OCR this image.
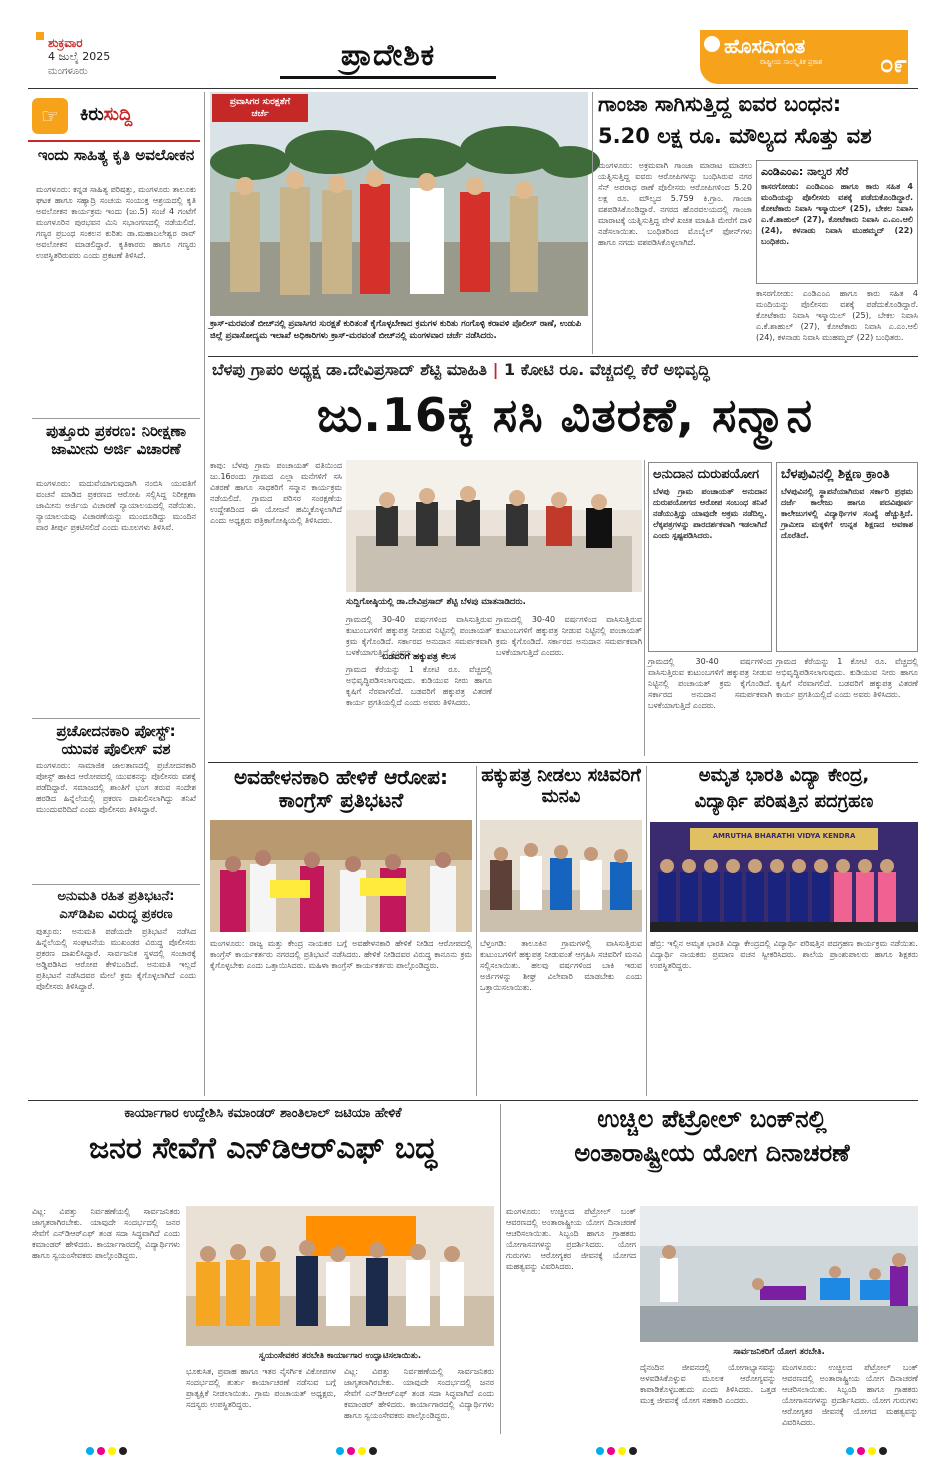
ಶುಕ್ರವಾರ
4 ಜುಲೈ 2025
ಮಂಗಳೂರು	ಪ್ರಾದೇಶಿಕ	ಹೊಸದಿಗಂತ
ರಾಷ್ಟ್ರೀಯ ಸಾಂಸ್ಕೃತಿಕ ಪ್ರಕಾಶ ೦೯
☞	ಕಿರುಸುದ್ದಿ
ಇಂದು ಸಾಹಿತ್ಯ ಕೃತಿ ಅವಲೋಕನ
ಮಂಗಳೂರು: ಕನ್ನಡ ಸಾಹಿತ್ಯ ಪರಿಷತ್ತು, ಮಂಗಳೂರು ತಾಲೂಕು ಘಟಕ ಹಾಗೂ ಸಹ್ಯಾದ್ರಿ ಸಂಚಯ ಸಂಯುಕ್ತ ಆಶ್ರಯದಲ್ಲಿ ಕೃತಿ ಅವಲೋಕನ ಕಾರ್ಯಕ್ರಮ ಇಂದು (ಜು.5) ಸಂಜೆ 4 ಗಂಟೆಗೆ ಮಂಗಳೂರಿನ ಪುರಭವನ ಮಿನಿ ಸಭಾಂಗಣದಲ್ಲಿ ನಡೆಯಲಿದೆ. ಗಣ್ಯರ ಪ್ರಬಂಧ ಸಂಕಲನ ಕುರಿತು ಡಾ.ಮಹಾಬಲೇಶ್ವರ ರಾವ್ ಅವಲೋಕನ ಮಾಡಲಿದ್ದಾರೆ. ಕೃತಿಕಾರರು ಹಾಗೂ ಗಣ್ಯರು ಉಪಸ್ಥಿತರಿರುವರು ಎಂದು ಪ್ರಕಟಣೆ ತಿಳಿಸಿದೆ.
ಪುತ್ತೂರು ಪ್ರಕರಣ: ನಿರೀಕ್ಷಣಾ ಜಾಮೀನು ಅರ್ಜಿ ವಿಚಾರಣೆ
ಮಂಗಳೂರು: ಮದುವೆಯಾಗುವುದಾಗಿ ನಂಬಿಸಿ ಯುವತಿಗೆ ವಂಚನೆ ಮಾಡಿದ ಪ್ರಕರಣದ ಆರೋಪಿ ಸಲ್ಲಿಸಿದ್ದ ನಿರೀಕ್ಷಣಾ ಜಾಮೀನು ಅರ್ಜಿಯ ವಿಚಾರಣೆ ನ್ಯಾಯಾಲಯದಲ್ಲಿ ನಡೆಯಿತು. ನ್ಯಾಯಾಲಯವು ವಿಚಾರಣೆಯನ್ನು ಮುಂದೂಡಿದ್ದು ಮುಂದಿನ ವಾರ ತೀರ್ಪು ಪ್ರಕಟಿಸಲಿದೆ ಎಂದು ಮೂಲಗಳು ತಿಳಿಸಿವೆ.
ಪ್ರಚೋದನಕಾರಿ ಪೋಸ್ಟ್: ಯುವಕ ಪೊಲೀಸ್ ವಶ
ಮಂಗಳೂರು: ಸಾಮಾಜಿಕ ಜಾಲತಾಣದಲ್ಲಿ ಪ್ರಚೋದನಕಾರಿ ಪೋಸ್ಟ್ ಹಾಕಿದ ಆರೋಪದಲ್ಲಿ ಯುವಕನನ್ನು ಪೊಲೀಸರು ವಶಕ್ಕೆ ಪಡೆದಿದ್ದಾರೆ. ಸಮಾಜದಲ್ಲಿ ಶಾಂತಿಗೆ ಭಂಗ ತರುವ ಸಂದೇಶ ಹರಡಿದ ಹಿನ್ನೆಲೆಯಲ್ಲಿ ಪ್ರಕರಣ ದಾಖಲಿಸಲಾಗಿದ್ದು ತನಿಖೆ ಮುಂದುವರಿದಿದೆ ಎಂದು ಪೊಲೀಸರು ತಿಳಿಸಿದ್ದಾರೆ.
ಅನುಮತಿ ರಹಿತ ಪ್ರತಿಭಟನೆ: ಎಸ್‌ಡಿಪಿಐ ವಿರುದ್ಧ ಪ್ರಕರಣ
ಪುತ್ತೂರು: ಅನುಮತಿ ಪಡೆಯದೇ ಪ್ರತಿಭಟನೆ ನಡೆಸಿದ ಹಿನ್ನೆಲೆಯಲ್ಲಿ ಸಂಘಟನೆಯ ಮುಖಂಡರ ವಿರುದ್ಧ ಪೊಲೀಸರು ಪ್ರಕರಣ ದಾಖಲಿಸಿದ್ದಾರೆ. ಸಾರ್ವಜನಿಕ ಸ್ಥಳದಲ್ಲಿ ಸಂಚಾರಕ್ಕೆ ಅಡ್ಡಿಪಡಿಸಿದ ಆರೋಪ ಕೇಳಿಬಂದಿದೆ. ಅನುಮತಿ ಇಲ್ಲದೆ ಪ್ರತಿಭಟನೆ ನಡೆಸಿದವರ ಮೇಲೆ ಕ್ರಮ ಕೈಗೊಳ್ಳಲಾಗಿದೆ ಎಂದು ಪೊಲೀಸರು ತಿಳಿಸಿದ್ದಾರೆ.
ಪ್ರವಾಸಿಗರ ಸುರಕ್ಷತೆಗೆ
ಚರ್ಚೆ
ಕ್ರಾಸ್-ಮರವಂತೆ ಬೀಚ್‌ನಲ್ಲಿ ಪ್ರವಾಸಿಗರ ಸುರಕ್ಷತೆ ಕುರಿತಂತೆ ಕೈಗೊಳ್ಳಬೇಕಾದ ಕ್ರಮಗಳ ಕುರಿತು ಗಂಗೊಳ್ಳಿ ಕರಾವಳಿ ಪೊಲೀಸ್ ಠಾಣೆ, ಉಡುಪಿ ಜಿಲ್ಲೆ ಪ್ರವಾಸೋದ್ಯಮ ಇಲಾಖೆ ಅಧಿಕಾರಿಗಳು ಕ್ರಾಸ್-ಮರವಂತೆ ಬೀಚ್‌ನಲ್ಲಿ ಮಂಗಳವಾರ ಚರ್ಚೆ ನಡೆಸಿದರು.
ಗಾಂಜಾ ಸಾಗಿಸುತ್ತಿದ್ದ ಐವರ ಬಂಧನ:
5.20 ಲಕ್ಷ ರೂ. ಮೌಲ್ಯದ ಸೊತ್ತು ವಶ
ಮಂಗಳೂರು: ಅಕ್ರಮವಾಗಿ ಗಾಂಜಾ ಮಾರಾಟ ಮಾಡಲು ಯತ್ನಿಸುತ್ತಿದ್ದ ಐವರು ಆರೋಪಿಗಳನ್ನು ಬಂಧಿಸಿರುವ ನಗರ ಸೆನ್ ಅಪರಾಧ ಠಾಣೆ ಪೊಲೀಸರು ಆರೋಪಿಗಳಿಂದ 5.20 ಲಕ್ಷ ರೂ. ಮೌಲ್ಯದ 5.759 ಕಿ.ಗ್ರಾಂ. ಗಾಂಜಾ ವಶಪಡಿಸಿಕೊಂಡಿದ್ದಾರೆ. ನಗರದ ಹೊರವಲಯದಲ್ಲಿ ಗಾಂಜಾ ಮಾರಾಟಕ್ಕೆ ಯತ್ನಿಸುತ್ತಿದ್ದ ವೇಳೆ ಖಚಿತ ಮಾಹಿತಿ ಮೇರೆಗೆ ದಾಳಿ ನಡೆಸಲಾಯಿತು. ಬಂಧಿತರಿಂದ ಮೊಬೈಲ್ ಫೋನ್‌ಗಳು ಹಾಗೂ ನಗದು ವಶಪಡಿಸಿಕೊಳ್ಳಲಾಗಿದೆ.
ಎಂಡಿಎಂಎ: ನಾಲ್ವರ ಸೆರೆ
ಕಾಸರಗೋಡು: ಎಂಡಿಎಂಎ ಹಾಗೂ ಕಾರು ಸಹಿತ 4 ಮಂದಿಯನ್ನು ಪೊಲೀಸರು ವಶಕ್ಕೆ ಪಡೆದುಕೊಂಡಿದ್ದಾರೆ. ಕೋಟೆಕಾರು ನಿವಾಸಿ ಇಸ್ಮಾಯಿಲ್ (25), ಬೇಕಲ ನಿವಾಸಿ ಎ.ಕೆ.ಶಾಹುಲ್ (27), ಕೋಟೆಕಾರು ನಿವಾಸಿ ಎ.ಎಂ.ಆಲಿ (24), ಕಳನಾಡು ನಿವಾಸಿ ಮುಹಮ್ಮದ್ (22) ಬಂಧಿತರು.
ಕಾಸರಗೋಡು: ಎಂಡಿಎಂಎ ಹಾಗೂ ಕಾರು ಸಹಿತ 4 ಮಂದಿಯನ್ನು ಪೊಲೀಸರು ವಶಕ್ಕೆ ಪಡೆದುಕೊಂಡಿದ್ದಾರೆ. ಕೋಟೆಕಾರು ನಿವಾಸಿ ಇಸ್ಮಾಯಿಲ್ (25), ಬೇಕಲ ನಿವಾಸಿ ಎ.ಕೆ.ಶಾಹುಲ್ (27), ಕೋಟೆಕಾರು ನಿವಾಸಿ ಎ.ಎಂ.ಆಲಿ (24), ಕಳನಾಡು ನಿವಾಸಿ ಮುಹಮ್ಮದ್ (22) ಬಂಧಿತರು.
ಬೆಳಪು ಗ್ರಾಪಂ ಅಧ್ಯಕ್ಷ ಡಾ.ದೇವಿಪ್ರಸಾದ್ ಶೆಟ್ಟಿ ಮಾಹಿತಿ | 1 ಕೋಟಿ ರೂ. ವೆಚ್ಚದಲ್ಲಿ ಕೆರೆ ಅಭಿವೃದ್ಧಿ
ಜು.16ಕ್ಕೆ ಸಸಿ ವಿತರಣೆ, ಸನ್ಮಾನ
ಕಾಪು: ಬೆಳಪು ಗ್ರಾಮ ಪಂಚಾಯತ್ ವತಿಯಿಂದ ಜು.16ರಂದು ಗ್ರಾಮದ ಎಲ್ಲಾ ಮನೆಗಳಿಗೆ ಸಸಿ ವಿತರಣೆ ಹಾಗೂ ಸಾಧಕರಿಗೆ ಸನ್ಮಾನ ಕಾರ್ಯಕ್ರಮ ನಡೆಯಲಿದೆ. ಗ್ರಾಮದ ಪರಿಸರ ಸಂರಕ್ಷಣೆಯ ಉದ್ದೇಶದಿಂದ ಈ ಯೋಜನೆ ಹಮ್ಮಿಕೊಳ್ಳಲಾಗಿದೆ ಎಂದು ಅಧ್ಯಕ್ಷರು ಪತ್ರಿಕಾಗೋಷ್ಠಿಯಲ್ಲಿ ತಿಳಿಸಿದರು.
ಸುದ್ದಿಗೋಷ್ಠಿಯಲ್ಲಿ ಡಾ.ದೇವಿಪ್ರಸಾದ್ ಶೆಟ್ಟಿ ಬೆಳಪು ಮಾತನಾಡಿದರು.
ಗ್ರಾಮದಲ್ಲಿ 30-40 ವರ್ಷಗಳಿಂದ ವಾಸಿಸುತ್ತಿರುವ ಕುಟುಂಬಗಳಿಗೆ ಹಕ್ಕುಪತ್ರ ನೀಡುವ ನಿಟ್ಟಿನಲ್ಲಿ ಪಂಚಾಯತ್ ಕ್ರಮ ಕೈಗೊಂಡಿದೆ. ಸರ್ಕಾರದ ಅನುದಾನ ಸಮರ್ಪಕವಾಗಿ ಬಳಕೆಯಾಗುತ್ತಿದೆ ಎಂದರು.
ಬಡವರಿಗೆ ಹಕ್ಕುಪತ್ರ ಕೆಲಸ
ಗ್ರಾಮದ ಕೆರೆಯನ್ನು 1 ಕೋಟಿ ರೂ. ವೆಚ್ಚದಲ್ಲಿ ಅಭಿವೃದ್ಧಿಪಡಿಸಲಾಗುವುದು. ಕುಡಿಯುವ ನೀರು ಹಾಗೂ ಕೃಷಿಗೆ ನೆರವಾಗಲಿದೆ. ಬಡವರಿಗೆ ಹಕ್ಕುಪತ್ರ ವಿತರಣೆ ಕಾರ್ಯ ಪ್ರಗತಿಯಲ್ಲಿದೆ ಎಂದು ಅವರು ತಿಳಿಸಿದರು.
ಗ್ರಾಮದಲ್ಲಿ 30-40 ವರ್ಷಗಳಿಂದ ವಾಸಿಸುತ್ತಿರುವ ಕುಟುಂಬಗಳಿಗೆ ಹಕ್ಕುಪತ್ರ ನೀಡುವ ನಿಟ್ಟಿನಲ್ಲಿ ಪಂಚಾಯತ್ ಕ್ರಮ ಕೈಗೊಂಡಿದೆ. ಸರ್ಕಾರದ ಅನುದಾನ ಸಮರ್ಪಕವಾಗಿ ಬಳಕೆಯಾಗುತ್ತಿದೆ ಎಂದರು.
ಅನುದಾನ ದುರುಪಯೋಗ
ಬೆಳಪು ಗ್ರಾಮ ಪಂಚಾಯತ್ ಅನುದಾನ ದುರುಪಯೋಗದ ಆರೋಪ ಸಂಬಂಧ ತನಿಖೆ ನಡೆಯುತ್ತಿದ್ದು ಯಾವುದೇ ಅಕ್ರಮ ನಡೆದಿಲ್ಲ. ಲೆಕ್ಕಪತ್ರಗಳನ್ನು ಪಾರದರ್ಶಕವಾಗಿ ಇಡಲಾಗಿದೆ ಎಂದು ಸ್ಪಷ್ಟಪಡಿಸಿದರು.
ಗ್ರಾಮದಲ್ಲಿ 30-40 ವರ್ಷಗಳಿಂದ ವಾಸಿಸುತ್ತಿರುವ ಕುಟುಂಬಗಳಿಗೆ ಹಕ್ಕುಪತ್ರ ನೀಡುವ ನಿಟ್ಟಿನಲ್ಲಿ ಪಂಚಾಯತ್ ಕ್ರಮ ಕೈಗೊಂಡಿದೆ. ಸರ್ಕಾರದ ಅನುದಾನ ಸಮರ್ಪಕವಾಗಿ ಬಳಕೆಯಾಗುತ್ತಿದೆ ಎಂದರು.
ಬೆಳಪುವಿನಲ್ಲಿ ಶಿಕ್ಷಣ ಕ್ರಾಂತಿ
ಬೆಳಪುವಿನಲ್ಲಿ ಸ್ಥಾಪನೆಯಾಗಿರುವ ಸರ್ಕಾರಿ ಪ್ರಥಮ ದರ್ಜೆ ಕಾಲೇಜು ಹಾಗೂ ಪದವಿಪೂರ್ವ ಕಾಲೇಜುಗಳಲ್ಲಿ ವಿದ್ಯಾರ್ಥಿಗಳ ಸಂಖ್ಯೆ ಹೆಚ್ಚುತ್ತಿದೆ. ಗ್ರಾಮೀಣ ಮಕ್ಕಳಿಗೆ ಉನ್ನತ ಶಿಕ್ಷಣದ ಅವಕಾಶ ದೊರೆತಿದೆ.
ಗ್ರಾಮದ ಕೆರೆಯನ್ನು 1 ಕೋಟಿ ರೂ. ವೆಚ್ಚದಲ್ಲಿ ಅಭಿವೃದ್ಧಿಪಡಿಸಲಾಗುವುದು. ಕುಡಿಯುವ ನೀರು ಹಾಗೂ ಕೃಷಿಗೆ ನೆರವಾಗಲಿದೆ. ಬಡವರಿಗೆ ಹಕ್ಕುಪತ್ರ ವಿತರಣೆ ಕಾರ್ಯ ಪ್ರಗತಿಯಲ್ಲಿದೆ ಎಂದು ಅವರು ತಿಳಿಸಿದರು.
ಅವಹೇಳನಕಾರಿ ಹೇಳಿಕೆ ಆರೋಪ: ಕಾಂಗ್ರೆಸ್ ಪ್ರತಿಭಟನೆ
ಮಂಗಳೂರು: ರಾಜ್ಯ ಮತ್ತು ಕೇಂದ್ರ ನಾಯಕರ ಬಗ್ಗೆ ಅವಹೇಳನಕಾರಿ ಹೇಳಿಕೆ ನೀಡಿದ ಆರೋಪದಲ್ಲಿ ಕಾಂಗ್ರೆಸ್ ಕಾರ್ಯಕರ್ತರು ನಗರದಲ್ಲಿ ಪ್ರತಿಭಟನೆ ನಡೆಸಿದರು. ಹೇಳಿಕೆ ನೀಡಿದವರ ವಿರುದ್ಧ ಕಾನೂನು ಕ್ರಮ ಕೈಗೊಳ್ಳಬೇಕು ಎಂದು ಒತ್ತಾಯಿಸಿದರು. ಮಹಿಳಾ ಕಾಂಗ್ರೆಸ್ ಕಾರ್ಯಕರ್ತರು ಪಾಲ್ಗೊಂಡಿದ್ದರು.
ಹಕ್ಕುಪತ್ರ ನೀಡಲು ಸಚಿವರಿಗೆ ಮನವಿ
ಬೆಳ್ತಂಗಡಿ: ತಾಲೂಕಿನ ಗ್ರಾಮಗಳಲ್ಲಿ ವಾಸಿಸುತ್ತಿರುವ ಕುಟುಂಬಗಳಿಗೆ ಹಕ್ಕುಪತ್ರ ನೀಡುವಂತೆ ಆಗ್ರಹಿಸಿ ಸಚಿವರಿಗೆ ಮನವಿ ಸಲ್ಲಿಸಲಾಯಿತು. ಹಲವು ವರ್ಷಗಳಿಂದ ಬಾಕಿ ಇರುವ ಅರ್ಜಿಗಳನ್ನು ಶೀಘ್ರ ವಿಲೇವಾರಿ ಮಾಡಬೇಕು ಎಂದು ಒತ್ತಾಯಿಸಲಾಯಿತು.
ಅಮೃತ ಭಾರತಿ ವಿದ್ಯಾ ಕೇಂದ್ರ,
ವಿದ್ಯಾರ್ಥಿ ಪರಿಷತ್ತಿನ ಪದಗ್ರಹಣ
AMRUTHA BHARATHI VIDYA KENDRA
ಹೆಬ್ರಿ: ಇಲ್ಲಿನ ಅಮೃತ ಭಾರತಿ ವಿದ್ಯಾ ಕೇಂದ್ರದಲ್ಲಿ ವಿದ್ಯಾರ್ಥಿ ಪರಿಷತ್ತಿನ ಪದಗ್ರಹಣ ಕಾರ್ಯಕ್ರಮ ನಡೆಯಿತು. ವಿದ್ಯಾರ್ಥಿ ನಾಯಕರು ಪ್ರಮಾಣ ವಚನ ಸ್ವೀಕರಿಸಿದರು. ಶಾಲೆಯ ಪ್ರಾಂಶುಪಾಲರು ಹಾಗೂ ಶಿಕ್ಷಕರು ಉಪಸ್ಥಿತರಿದ್ದರು.
ಕಾರ್ಯಾಗಾರ ಉದ್ದೇಶಿಸಿ ಕಮಾಂಡರ್ ಶಾಂತಿಲಾಲ್ ಜಟಿಯಾ ಹೇಳಿಕೆ
ಜನರ ಸೇವೆಗೆ ಎನ್‌ಡಿಆರ್‌ಎಫ್ ಬದ್ಧ
ವಿಟ್ಲ: ವಿಪತ್ತು ನಿರ್ವಹಣೆಯಲ್ಲಿ ಸಾರ್ವಜನಿಕರು ಜಾಗೃತರಾಗಿರಬೇಕು. ಯಾವುದೇ ಸಂದರ್ಭದಲ್ಲಿ ಜನರ ಸೇವೆಗೆ ಎನ್‌ಡಿಆರ್‌ಎಫ್ ತಂಡ ಸದಾ ಸಿದ್ಧವಾಗಿದೆ ಎಂದು ಕಮಾಂಡರ್ ಹೇಳಿದರು. ಕಾರ್ಯಾಗಾರದಲ್ಲಿ ವಿದ್ಯಾರ್ಥಿಗಳು ಹಾಗೂ ಸ್ವಯಂಸೇವಕರು ಪಾಲ್ಗೊಂಡಿದ್ದರು.
ಸ್ವಯಂಸೇವಕರ ತರಬೇತಿ ಕಾರ್ಯಾಗಾರ ಉದ್ಘಾಟಿಸಲಾಯಿತು.
ಭೂಕುಸಿತ, ಪ್ರವಾಹ ಹಾಗೂ ಇತರ ನೈಸರ್ಗಿಕ ವಿಕೋಪಗಳ ಸಂದರ್ಭದಲ್ಲಿ ತುರ್ತು ಕಾರ್ಯಾಚರಣೆ ನಡೆಸುವ ಬಗ್ಗೆ ಪ್ರಾತ್ಯಕ್ಷಿಕೆ ನೀಡಲಾಯಿತು. ಗ್ರಾಮ ಪಂಚಾಯತ್ ಅಧ್ಯಕ್ಷರು, ಸದಸ್ಯರು ಉಪಸ್ಥಿತರಿದ್ದರು.
ವಿಟ್ಲ: ವಿಪತ್ತು ನಿರ್ವಹಣೆಯಲ್ಲಿ ಸಾರ್ವಜನಿಕರು ಜಾಗೃತರಾಗಿರಬೇಕು. ಯಾವುದೇ ಸಂದರ್ಭದಲ್ಲಿ ಜನರ ಸೇವೆಗೆ ಎನ್‌ಡಿಆರ್‌ಎಫ್ ತಂಡ ಸದಾ ಸಿದ್ಧವಾಗಿದೆ ಎಂದು ಕಮಾಂಡರ್ ಹೇಳಿದರು. ಕಾರ್ಯಾಗಾರದಲ್ಲಿ ವಿದ್ಯಾರ್ಥಿಗಳು ಹಾಗೂ ಸ್ವಯಂಸೇವಕರು ಪಾಲ್ಗೊಂಡಿದ್ದರು.
ಉಚ್ಚಿಲ ಪೆಟ್ರೋಲ್ ಬಂಕ್‌ನಲ್ಲಿ
ಅಂತಾರಾಷ್ಟ್ರೀಯ ಯೋಗ ದಿನಾಚರಣೆ
ಮಂಗಳೂರು: ಉಚ್ಚಿಲದ ಪೆಟ್ರೋಲ್ ಬಂಕ್ ಆವರಣದಲ್ಲಿ ಅಂತಾರಾಷ್ಟ್ರೀಯ ಯೋಗ ದಿನಾಚರಣೆ ಆಚರಿಸಲಾಯಿತು. ಸಿಬ್ಬಂದಿ ಹಾಗೂ ಗ್ರಾಹಕರು ಯೋಗಾಸನಗಳನ್ನು ಪ್ರದರ್ಶಿಸಿದರು. ಯೋಗ ಗುರುಗಳು ಆರೋಗ್ಯಕರ ಜೀವನಕ್ಕೆ ಯೋಗದ ಮಹತ್ವವನ್ನು ವಿವರಿಸಿದರು.
ಸಾರ್ವಜನಿಕರಿಗೆ ಯೋಗ ತರಬೇತಿ.
ದೈನಂದಿನ ಜೀವನದಲ್ಲಿ ಯೋಗಾಭ್ಯಾಸವನ್ನು ಅಳವಡಿಸಿಕೊಳ್ಳುವ ಮೂಲಕ ಆರೋಗ್ಯವನ್ನು ಕಾಪಾಡಿಕೊಳ್ಳಬಹುದು ಎಂದು ತಿಳಿಸಿದರು. ಒತ್ತಡ ಮುಕ್ತ ಜೀವನಕ್ಕೆ ಯೋಗ ಸಹಕಾರಿ ಎಂದರು.
ಮಂಗಳೂರು: ಉಚ್ಚಿಲದ ಪೆಟ್ರೋಲ್ ಬಂಕ್ ಆವರಣದಲ್ಲಿ ಅಂತಾರಾಷ್ಟ್ರೀಯ ಯೋಗ ದಿನಾಚರಣೆ ಆಚರಿಸಲಾಯಿತು. ಸಿಬ್ಬಂದಿ ಹಾಗೂ ಗ್ರಾಹಕರು ಯೋಗಾಸನಗಳನ್ನು ಪ್ರದರ್ಶಿಸಿದರು. ಯೋಗ ಗುರುಗಳು ಆರೋಗ್ಯಕರ ಜೀವನಕ್ಕೆ ಯೋಗದ ಮಹತ್ವವನ್ನು ವಿವರಿಸಿದರು.
